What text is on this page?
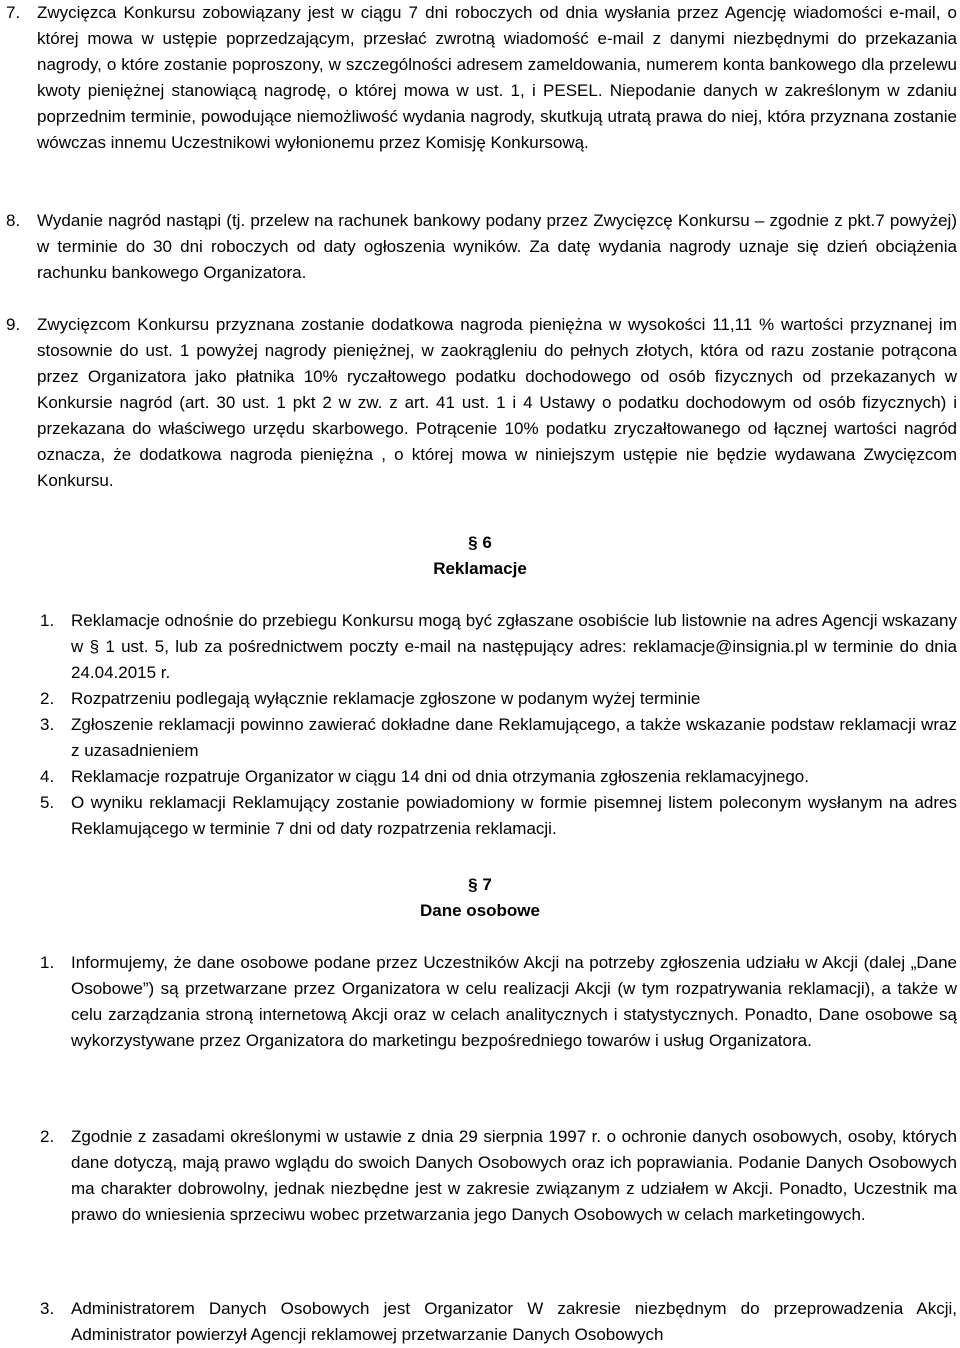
7. Zwycięzca Konkursu zobowiązany jest w ciągu 7 dni roboczych od dnia wysłania przez Agencję wiadomości e-mail, o której mowa w ustępie poprzedzającym, przesłać zwrotną wiadomość e-mail z danymi niezbędnymi do przekazania nagrody, o które zostanie poproszony, w szczególności adresem zameldowania, numerem konta bankowego dla przelewu kwoty pieniężnej stanowiącą nagrodę, o której mowa w ust. 1, i PESEL. Niepodanie danych w zakreślonym w zdaniu poprzednim terminie, powodujące niemożliwość wydania nagrody, skutkują utratą prawa do niej, która przyznana zostanie wówczas innemu Uczestnikowi wyłonionemu przez Komisję Konkursową.
8. Wydanie nagród nastąpi (tj. przelew na rachunek bankowy podany przez Zwycięzcę Konkursu – zgodnie z pkt.7 powyżej) w terminie do 30 dni roboczych od daty ogłoszenia wyników. Za datę wydania nagrody uznaje się dzień obciążenia rachunku bankowego Organizatora.
9. Zwycięzcom Konkursu przyznana zostanie dodatkowa nagroda pieniężna w wysokości 11,11 % wartości przyznanej im stosownie do ust. 1 powyżej nagrody pieniężnej, w zaokrągleniu do pełnych złotych, która od razu zostanie potrącona przez Organizatora jako płatnika 10% ryczałtowego podatku dochodowego od osób fizycznych od przekazanych w Konkursie nagród (art. 30 ust. 1 pkt 2 w zw. z art. 41 ust. 1 i 4 Ustawy o podatku dochodowym od osób fizycznych) i przekazana do właściwego urzędu skarbowego. Potrącenie 10% podatku zryczałtowanego od łącznej wartości nagród oznacza, że dodatkowa nagroda pieniężna , o której mowa w niniejszym ustępie nie będzie wydawana Zwycięzcom Konkursu.
§ 6
Reklamacje
1. Reklamacje odnośnie do przebiegu Konkursu mogą być zgłaszane osobiście lub listownie na adres Agencji wskazany w § 1 ust. 5, lub za pośrednictwem poczty e-mail na następujący adres: reklamacje@insignia.pl w terminie do dnia 24.04.2015 r.
2. Rozpatrzeniu podlegają wyłącznie reklamacje zgłoszone w podanym wyżej terminie
3. Zgłoszenie reklamacji powinno zawierać dokładne dane Reklamującego, a także wskazanie podstaw reklamacji wraz z uzasadnieniem
4. Reklamacje rozpatruje Organizator w ciągu 14 dni od dnia otrzymania zgłoszenia reklamacyjnego.
5. O wyniku reklamacji Reklamujący zostanie powiadomiony w formie pisemnej listem poleconym wysłanym na adres Reklamującego w terminie 7 dni od daty rozpatrzenia reklamacji.
§ 7
Dane osobowe
1. Informujemy, że dane osobowe podane przez Uczestników Akcji na potrzeby zgłoszenia udziału w Akcji (dalej „Dane Osobowe”) są przetwarzane przez Organizatora w celu realizacji Akcji (w tym rozpatrywania reklamacji), a także w celu zarządzania stroną internetową Akcji oraz w celach analitycznych i statystycznych. Ponadto, Dane osobowe są wykorzystywane przez Organizatora do marketingu bezpośredniego towarów i usług Organizatora.
2. Zgodnie z zasadami określonymi w ustawie z dnia 29 sierpnia 1997 r. o ochronie danych osobowych, osoby, których dane dotyczą, mają prawo wglądu do swoich Danych Osobowych oraz ich poprawiania. Podanie Danych Osobowych ma charakter dobrowolny, jednak niezbędne jest w zakresie związanym z udziałem w Akcji. Ponadto, Uczestnik ma prawo do wniesienia sprzeciwu wobec przetwarzania jego Danych Osobowych w celach marketingowych.
3. Administratorem Danych Osobowych jest Organizator W zakresie niezbędnym do przeprowadzenia Akcji, Administrator powierzył Agencji reklamowej przetwarzanie Danych Osobowych
